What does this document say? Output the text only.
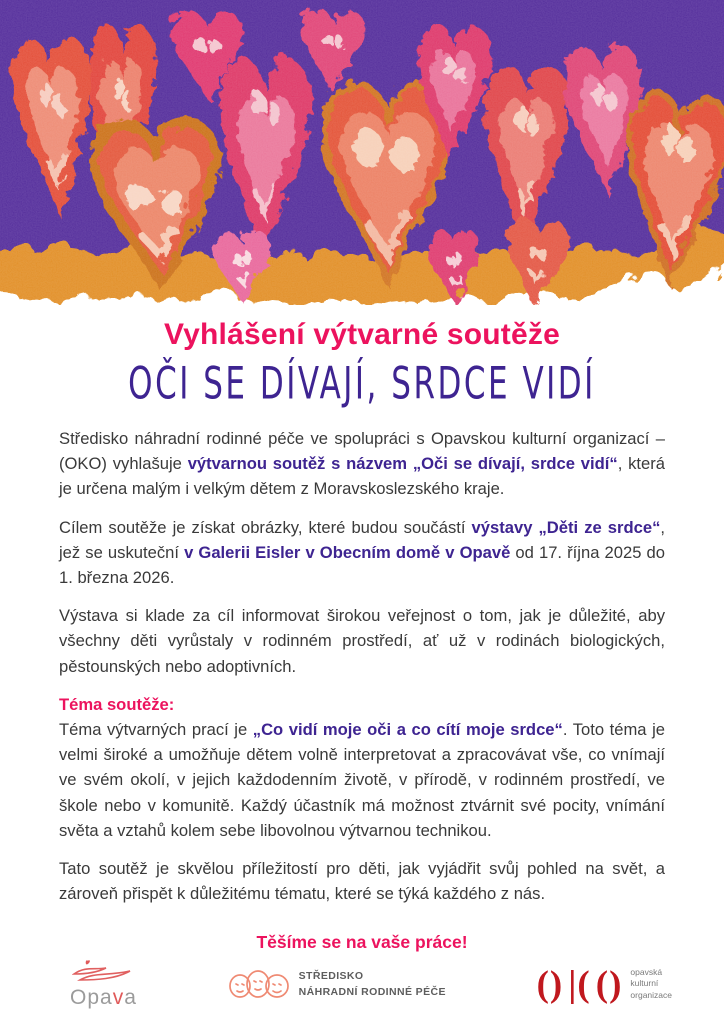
Vyhlášení výtvarné soutěže
OČI SE DÍVAJÍ, SRDCE VIDÍ

Středisko náhradní rodinné péče ve spolupráci s Opavskou kulturní organizací – (OKO) vyhlašuje výtvarnou soutěž s názvem „Oči se dívají, srdce vidí“, která je určena malým i velkým dětem z Moravskoslezského kraje.

Cílem soutěže je získat obrázky, které budou součástí výstavy „Děti ze srdce“, jež se uskuteční v Galerii Eisler v Obecním domě v Opavě od 17. října 2025 do 1. března 2026.

Výstava si klade za cíl informovat širokou veřejnost o tom, jak je důležité, aby všechny děti vyrůstaly v rodinném prostředí, ať už v rodinách biologických, pěstounských nebo adoptivních.

Téma soutěže:

Téma výtvarných prací je „Co vidí moje oči a co cítí moje srdce“. Toto téma je velmi široké a umožňuje dětem volně interpretovat a zpracovávat vše, co vnímají ve svém okolí, v jejich každodenním životě, v přírodě, v rodinném prostředí, ve škole nebo v komunitě. Každý účastník má možnost ztvárnit své pocity, vnímání světa a vztahů kolem sebe libovolnou výtvarnou technikou.

Tato soutěž je skvělou příležitostí pro děti, jak vyjádřit svůj pohled na svět, a zároveň přispět k důležitému tématu, které se týká každého z nás.

Těšíme se na vaše práce!

Opava
STŘEDISKO
NÁHRADNÍ RODINNÉ PÉČE () |( () opavská
kulturní
organizace
